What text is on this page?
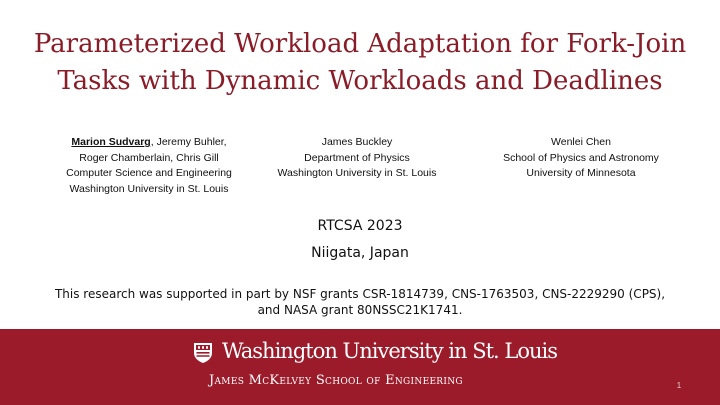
Parameterized Workload Adaptation for Fork-Join
Tasks with Dynamic Workloads and Deadlines
Marion Sudvarg, Jeremy Buhler,
Roger Chamberlain, Chris Gill
Computer Science and Engineering
Washington University in St. Louis
James Buckley
Department of Physics
Washington University in St. Louis
Wenlei Chen
School of Physics and Astronomy
University of Minnesota
RTCSA 2023
Niigata, Japan
This research was supported in part by NSF grants CSR-1814739, CNS-1763503, CNS-2229290 (CPS),
and NASA grant 80NSSC21K1741.
Washington University in St. Louis
James McKelvey School of Engineering	1
